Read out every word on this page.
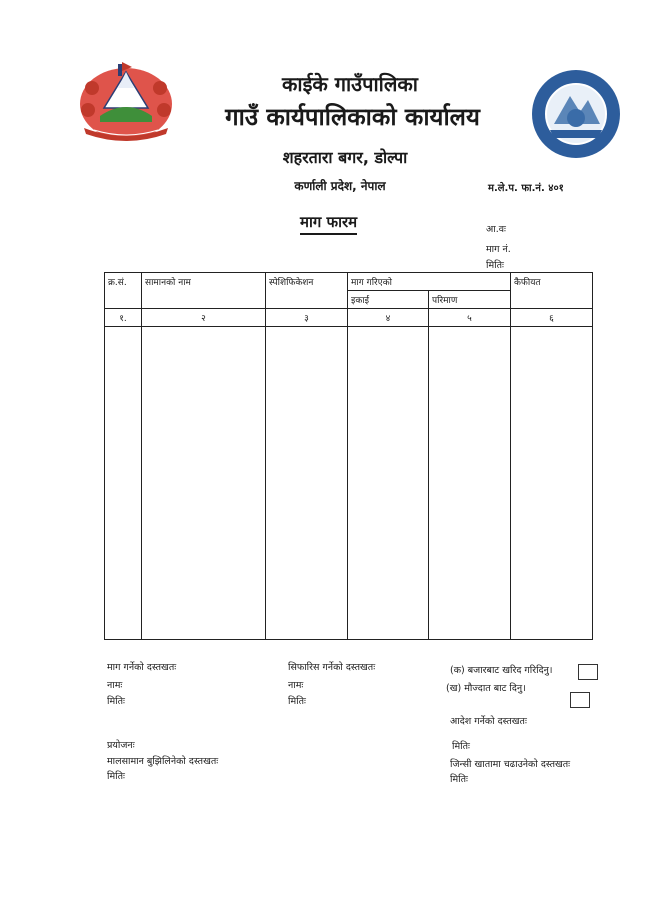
काईके गाउँपालिका
गाउँ कार्यपालिकाको कार्यालय
शहरतारा बगर, डोल्पा
कर्णाली प्रदेश, नेपाल	म.ले.प. फा.नं. ४०१
माग फारम	आ.वः
माग नं.
मितिः
क्र.सं.	सामानको नाम	स्पेशिफिकेशन	माग गरिएको		कैफीयत
			इकाई	परिमाण	
१.	२	३	४	५	६

माग गर्नेको दस्तखतः
नामः
मितिः
सिफारिस गर्नेको दस्तखतः
नामः
मितिः
(क) बजारबाट खरिद गरिदिनु।
(ख) मौज्दात बाट दिनु।
आदेश गर्नेको दस्तखतः
मितिः
प्रयोजनः
मालसामान बुझिलिनेको दस्तखतः
मितिः
जिन्सी खातामा चढाउनेको दस्तखतः
मितिः
